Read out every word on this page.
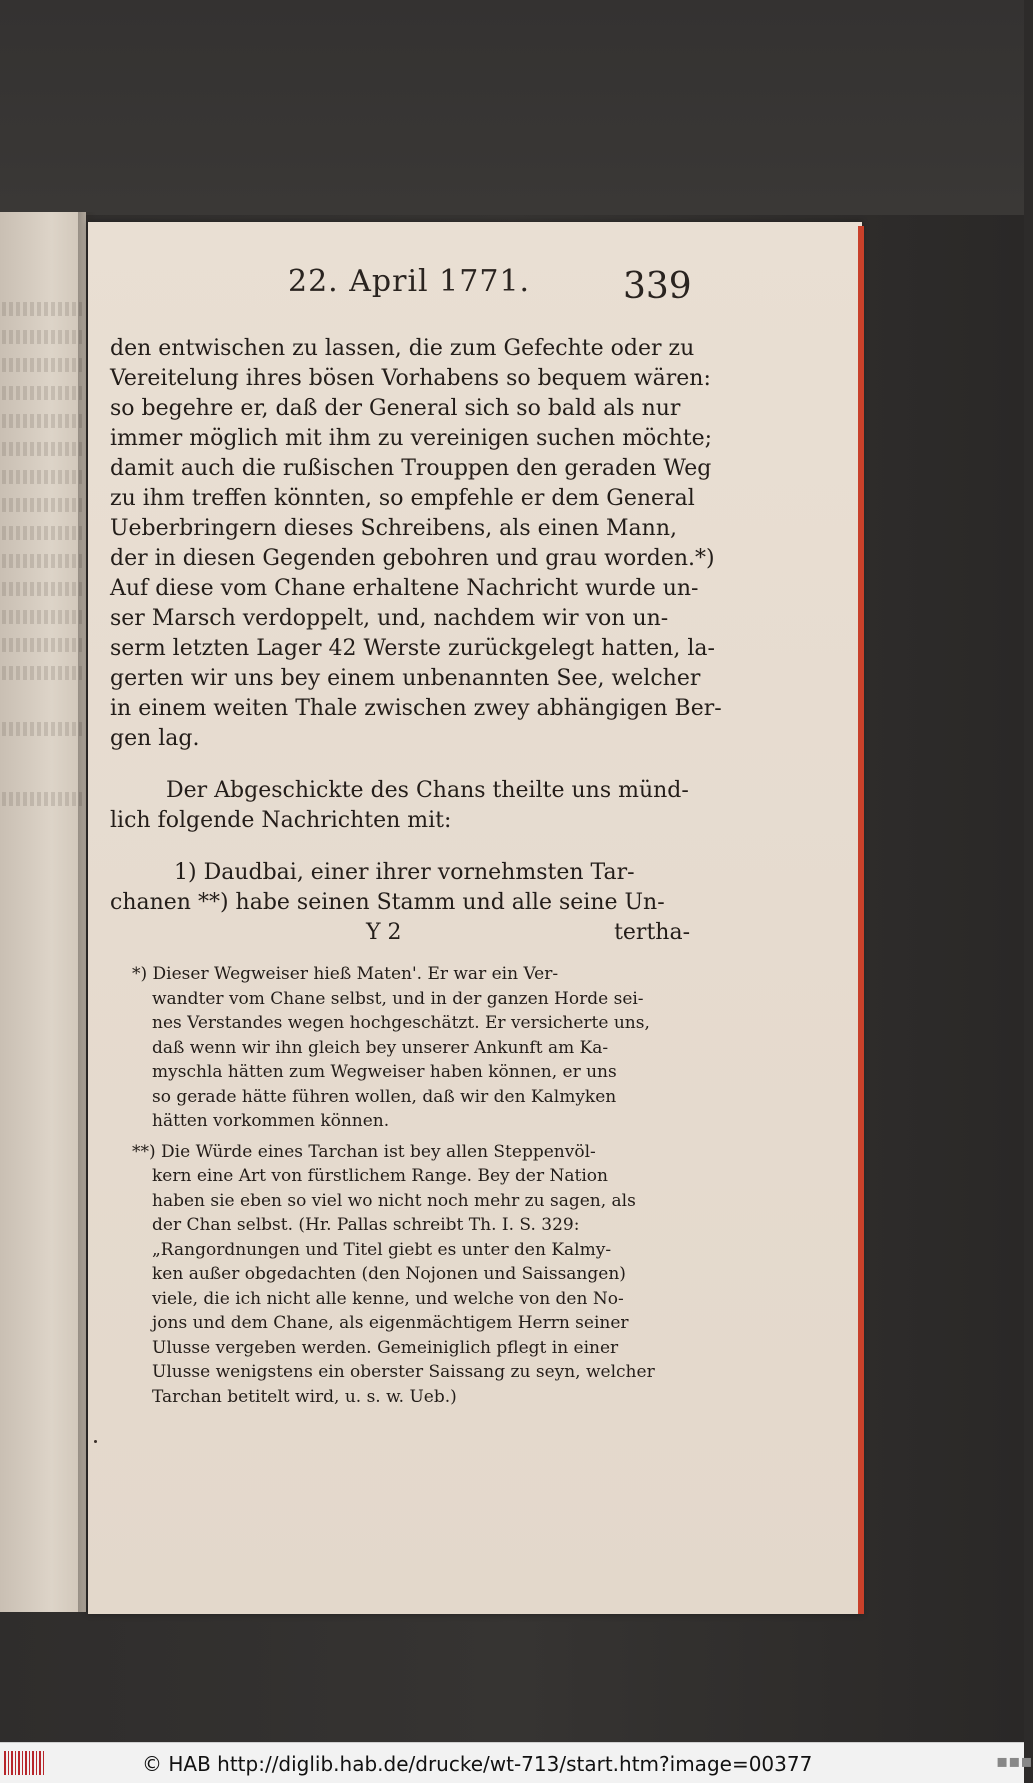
22. April 1771.	339
den entwischen zu lassen, die zum Gefechte oder zu
Vereitelung ihres bösen Vorhabens so bequem wären:
so begehre er, daß der General sich so bald als nur
immer möglich mit ihm zu vereinigen suchen möchte;
damit auch die rußischen Trouppen den geraden Weg
zu ihm treffen könnten, so empfehle er dem General
Ueberbringern dieses Schreibens, als einen Mann,
der in diesen Gegenden gebohren und grau worden.*)
Auf diese vom Chane erhaltene Nachricht wurde un-
ser Marsch verdoppelt, und, nachdem wir von un-
serm letzten Lager 42 Werste zurückgelegt hatten, la-
gerten wir uns bey einem unbenannten See, welcher
in einem weiten Thale zwischen zwey abhängigen Ber-
gen lag.
Der Abgeschickte des Chans theilte uns münd-
lich folgende Nachrichten mit:
1) Daudbai, einer ihrer vornehmsten Tar-
chanen **) habe seinen Stamm und alle seine Un-
Y 2	tertha-
*) Dieser Wegweiser hieß Maten'. Er war ein Ver-
wandter vom Chane selbst, und in der ganzen Horde sei-
nes Verstandes wegen hochgeschätzt. Er versicherte uns,
daß wenn wir ihn gleich bey unserer Ankunft am Ka-
myschla hätten zum Wegweiser haben können, er uns
so gerade hätte führen wollen, daß wir den Kalmyken
hätten vorkommen können.
**) Die Würde eines Tarchan ist bey allen Steppenvöl-
kern eine Art von fürstlichem Range. Bey der Nation
haben sie eben so viel wo nicht noch mehr zu sagen, als
der Chan selbst. (Hr. Pallas schreibt Th. I. S. 329:
„Rangordnungen und Titel giebt es unter den Kalmy-
ken außer obgedachten (den Nojonen und Saissangen)
viele, die ich nicht alle kenne, und welche von den No-
jons und dem Chane, als eigenmächtigem Herrn seiner
Ulusse vergeben werden. Gemeiniglich pflegt in einer
Ulusse wenigstens ein oberster Saissang zu seyn, welcher
Tarchan betitelt wird, u. s. w. Ueb.)
© HAB http://diglib.hab.de/drucke/wt-713/start.htm?image=00377	▪▪▪
